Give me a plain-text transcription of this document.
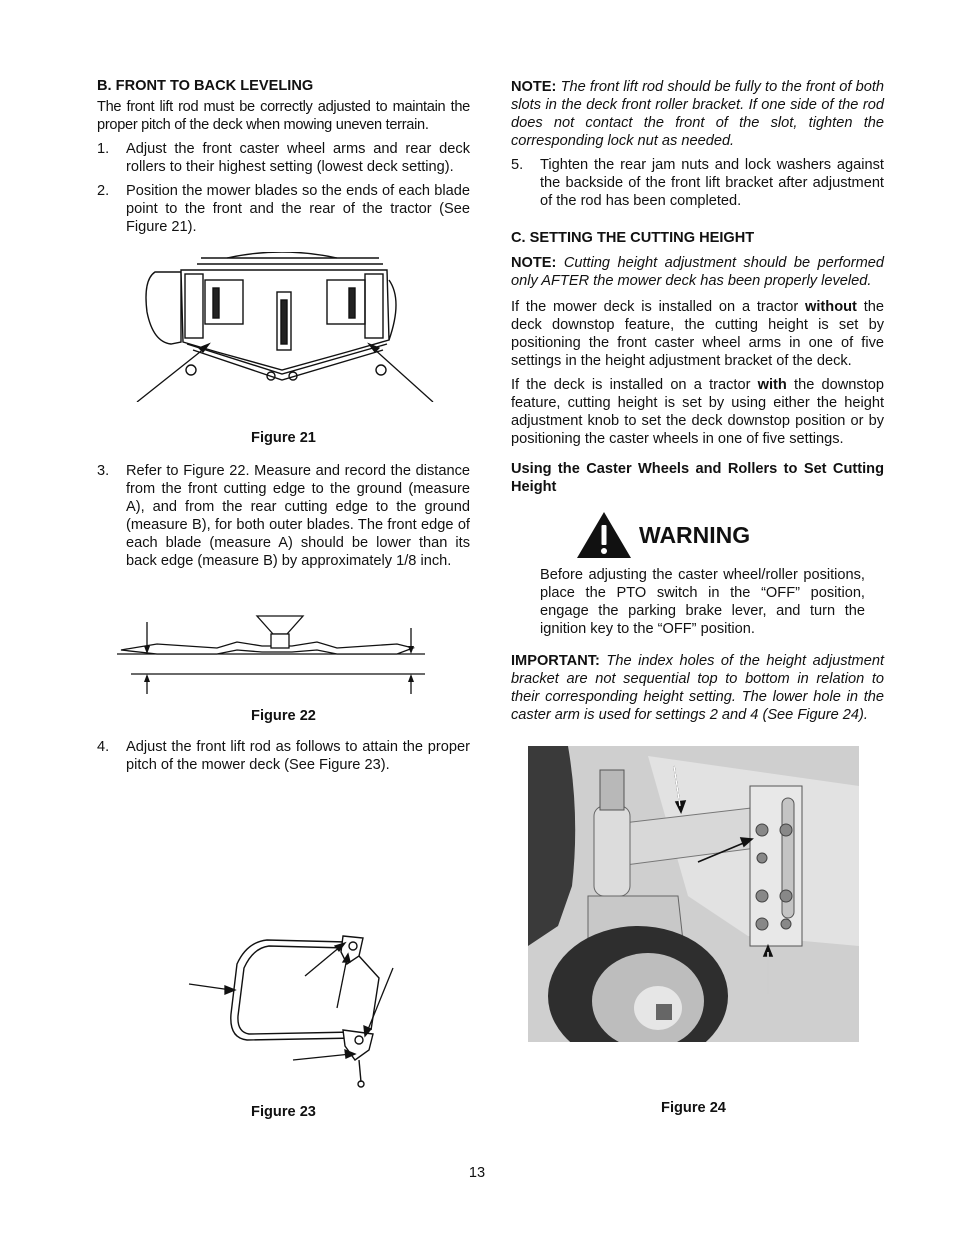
B. FRONT TO BACK LEVELING

The front lift rod must be correctly adjusted to maintain the proper pitch of the deck when mowing uneven terrain.

1.	Adjust the front caster wheel arms and rear deck rollers to their highest setting (lowest deck setting).
2.	Position the mower blades so the ends of each blade point to the front and the rear of the tractor (See Figure 21).
Figure 21
3.	Refer to Figure 22. Measure and record the distance from the front cutting edge to the ground (measure A), and from the rear cutting edge to the ground (measure B), for both outer blades. The front edge of each blade (measure A) should be lower than its back edge (measure B) by approximately 1/8 inch.
Figure 22
4.	Adjust the front lift rod as follows to attain the proper pitch of the mower deck (See Figure 23).
Figure 23

NOTE: The front lift rod should be fully to the front of both slots in the deck front roller bracket. If one side of the rod does not contact the front of the slot, tighten the corresponding lock nut as needed.

5.	Tighten the rear jam nuts and lock washers against the backside of the front lift bracket after adjustment of the rod has been completed.
C. SETTING THE CUTTING HEIGHT

NOTE: Cutting height adjustment should be performed only AFTER the mower deck has been properly leveled.

If the mower deck is installed on a tractor without the deck downstop feature, the cutting height is set by positioning the front caster wheel arms in one of five settings in the height adjustment bracket of the deck.

If the deck is installed on a tractor with the downstop feature, cutting height is set by using either the height adjustment knob to set the deck downstop position or by positioning the caster wheels in one of five settings.

Using the Caster Wheels and Rollers to Set Cutting Height

WARNING

Before adjusting the caster wheel/roller positions, place the PTO switch in the “OFF” position, engage the parking brake lever, and turn the ignition key to the “OFF” position.

IMPORTANT: The index holes of the height adjustment bracket are not sequential top to bottom in relation to their corresponding height setting. The lower hole in the caster arm is used for settings 2 and 4 (See Figure 24).

Figure 24
13
